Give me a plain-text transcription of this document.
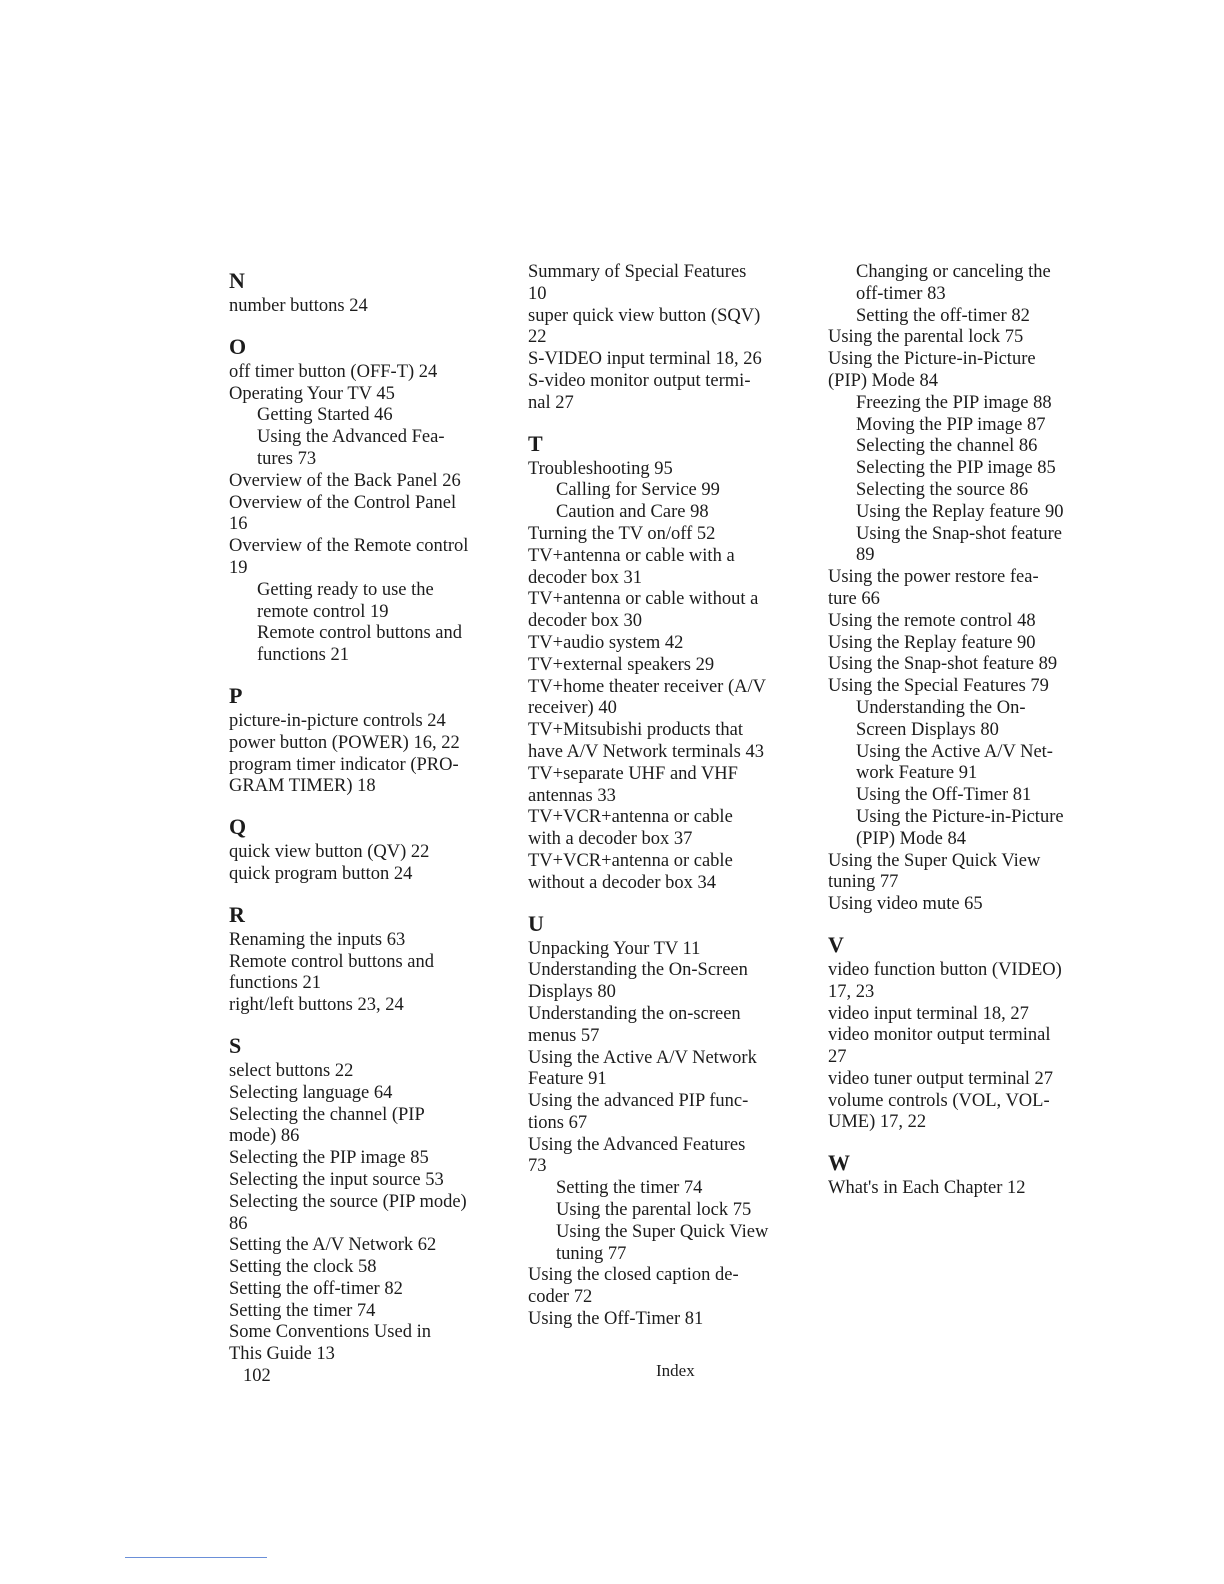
N
number buttons 24
O
off timer button (OFF-T) 24
Operating Your TV 45
Getting Started 46
Using the Advanced Fea-
tures 73
Overview of the Back Panel 26
Overview of the Control Panel
16
Overview of the Remote control
19
Getting ready to use the
remote control 19
Remote control buttons and
functions 21
P
picture-in-picture controls 24
power button (POWER) 16, 22
program timer indicator (PRO-
GRAM TIMER) 18
Q
quick view button (QV) 22
quick program button 24
R
Renaming the inputs 63
Remote control buttons and
functions 21
right/left buttons 23, 24
S
select buttons 22
Selecting language 64
Selecting the channel (PIP
mode) 86
Selecting the PIP image 85
Selecting the input source 53
Selecting the source (PIP mode)
86
Setting the A/V Network 62
Setting the clock 58
Setting the off-timer 82
Setting the timer 74
Some Conventions Used in
This Guide 13
Summary of Special Features
10
super quick view button (SQV)
22
S-VIDEO input terminal 18, 26
S-video monitor output termi-
nal 27
T
Troubleshooting 95
Calling for Service 99
Caution and Care 98
Turning the TV on/off 52
TV+antenna or cable with a
decoder box 31
TV+antenna or cable without a
decoder box 30
TV+audio system 42
TV+external speakers 29
TV+home theater receiver (A/V
receiver) 40
TV+Mitsubishi products that
have A/V Network terminals 43
TV+separate UHF and VHF
antennas 33
TV+VCR+antenna or cable
with a decoder box 37
TV+VCR+antenna or cable
without a decoder box 34
U
Unpacking Your TV 11
Understanding the On-Screen
Displays 80
Understanding the on-screen
menus 57
Using the Active A/V Network
Feature 91
Using the advanced PIP func-
tions 67
Using the Advanced Features
73
Setting the timer 74
Using the parental lock 75
Using the Super Quick View
tuning 77
Using the closed caption de-
coder 72
Using the Off-Timer 81
Changing or canceling the
off-timer 83
Setting the off-timer 82
Using the parental lock 75
Using the Picture-in-Picture
(PIP) Mode 84
Freezing the PIP image 88
Moving the PIP image 87
Selecting the channel 86
Selecting the PIP image 85
Selecting the source 86
Using the Replay feature 90
Using the Snap-shot feature
89
Using the power restore fea-
ture 66
Using the remote control 48
Using the Replay feature 90
Using the Snap-shot feature 89
Using the Special Features 79
Understanding the On-
Screen Displays 80
Using the Active A/V Net-
work Feature 91
Using the Off-Timer 81
Using the Picture-in-Picture
(PIP) Mode 84
Using the Super Quick View
tuning 77
Using video mute 65
V
video function button (VIDEO)
17, 23
video input terminal 18, 27
video monitor output terminal
27
video tuner output terminal 27
volume controls (VOL, VOL-
UME) 17, 22
W
What's in Each Chapter 12
102	Index
